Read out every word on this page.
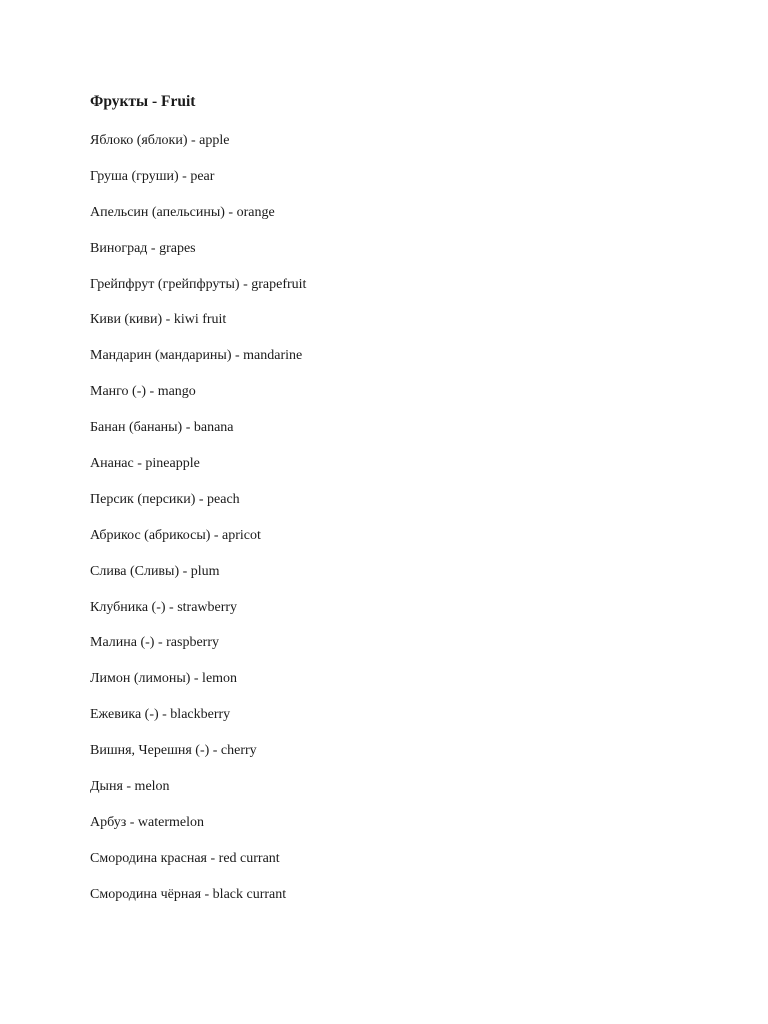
Фрукты - Fruit
Яблоко (яблоки) - apple
Груша (груши) - pear
Апельсин (апельсины) - orange
Виноград - grapes
Грейпфрут (грейпфруты) - grapefruit
Киви (киви) - kiwi fruit
Мандарин (мандарины) - mandarine
Манго (-) - mango
Банан (бананы) - banana
Ананас - pineapple
Персик (персики) - peach
Абрикос (абрикосы) - apricot
Слива (Сливы) - plum
Клубника (-) - strawberry
Малина (-) - raspberry
Лимон (лимоны) - lemon
Ежевика (-) - blackberry
Вишня, Черешня (-) - cherry
Дыня - melon
Арбуз - watermelon
Смородина красная - red currant
Смородина чёрная - black currant
